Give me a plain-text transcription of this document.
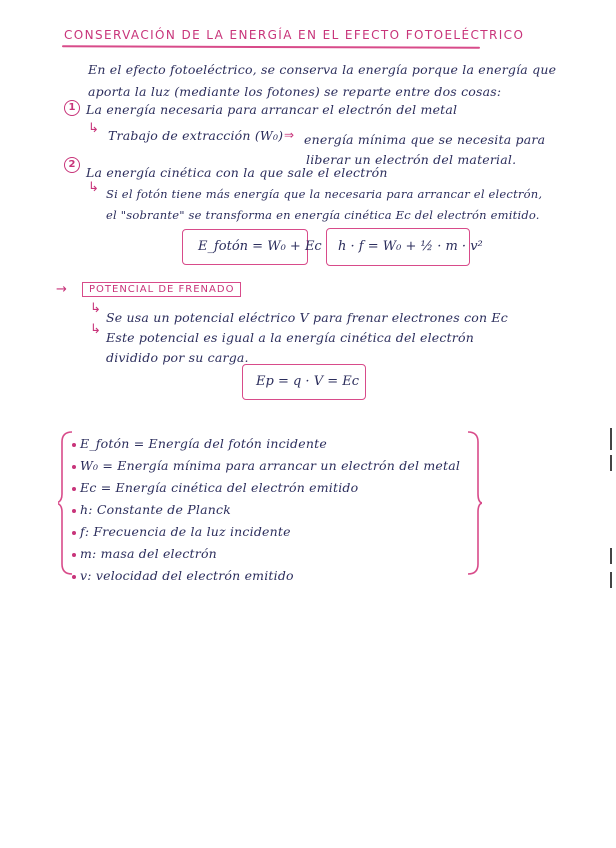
CONSERVACIÓN DE LA ENERGÍA EN EL EFECTO FOTOELÉCTRICO
En el efecto fotoeléctrico, se conserva la energía porque la energía que
aporta la luz (mediante los fotones) se reparte entre dos cosas:
1 La energía necesaria para arrancar el electrón del metal
↳ Trabajo de extracción (W₀) ⇒ energía mínima que se necesita para
liberar un electrón del material.
2
La energía cinética con la que sale el electrón
↳ Si el fotón tiene más energía que la necesaria para arrancar el electrón,
el "sobrante" se transforma en energía cinética Ec del electrón emitido.
E_fotón = W₀ + Ec h · f = W₀ + ½ · m · v²
→	POTENCIAL DE FRENADO
↳
Se usa un potencial eléctrico V para frenar electrones con Ec
↳
Este potencial es igual a la energía cinética del electrón
dividido por su carga.
Ep = q · V = Ec
E_fotón = Energía del fotón incidente
W₀ = Energía mínima para arrancar un electrón del metal
Ec = Energía cinética del electrón emitido
h: Constante de Planck
f: Frecuencia de la luz incidente
m: masa del electrón
v: velocidad del electrón emitido
